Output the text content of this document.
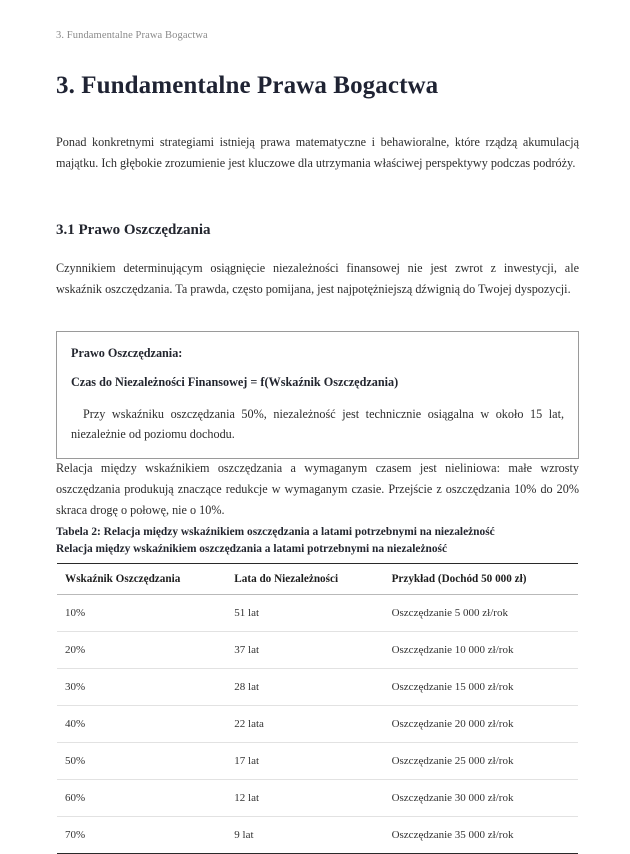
3. Fundamentalne Prawa Bogactwa
3. Fundamentalne Prawa Bogactwa

Ponad konkretnymi strategiami istnieją prawa matematyczne i behawioralne, które rządzą akumulacją majątku. Ich głębokie zrozumienie jest kluczowe dla utrzymania właściwej perspektywy podczas podróży.

3.1 Prawo Oszczędzania

Czynnikiem determinującym osiągnięcie niezależności finansowej nie jest zwrot z inwestycji, ale wskaźnik oszczędzania. Ta prawda, często pomijana, jest najpotężniejszą dźwignią do Twojej dyspozycji.

Prawo Oszczędzania:

Czas do Niezależności Finansowej = f(Wskaźnik Oszczędzania)

Przy wskaźniku oszczędzania 50%, niezależność jest technicznie osiągalna w około 15 lat, niezależnie od poziomu dochodu.

Relacja między wskaźnikiem oszczędzania a wymaganym czasem jest nieliniowa: małe wzrosty oszczędzania produkują znaczące redukcje w wymaganym czasie. Przejście z oszczędzania 10% do 20% skraca drogę o połowę, nie o 10%.

Tabela 2: Relacja między wskaźnikiem oszczędzania a latami potrzebnymi na niezależność
Relacja między wskaźnikiem oszczędzania a latami potrzebnymi na niezależność
Wskaźnik Oszczędzania	Lata do Niezależności	Przykład (Dochód 50 000 zł)
10%	51 lat	Oszczędzanie 5 000 zł/rok
20%	37 lat	Oszczędzanie 10 000 zł/rok
30%	28 lat	Oszczędzanie 15 000 zł/rok
40%	22 lata	Oszczędzanie 20 000 zł/rok
50%	17 lat	Oszczędzanie 25 000 zł/rok
60%	12 lat	Oszczędzanie 30 000 zł/rok
70%	9 lat	Oszczędzanie 35 000 zł/rok
